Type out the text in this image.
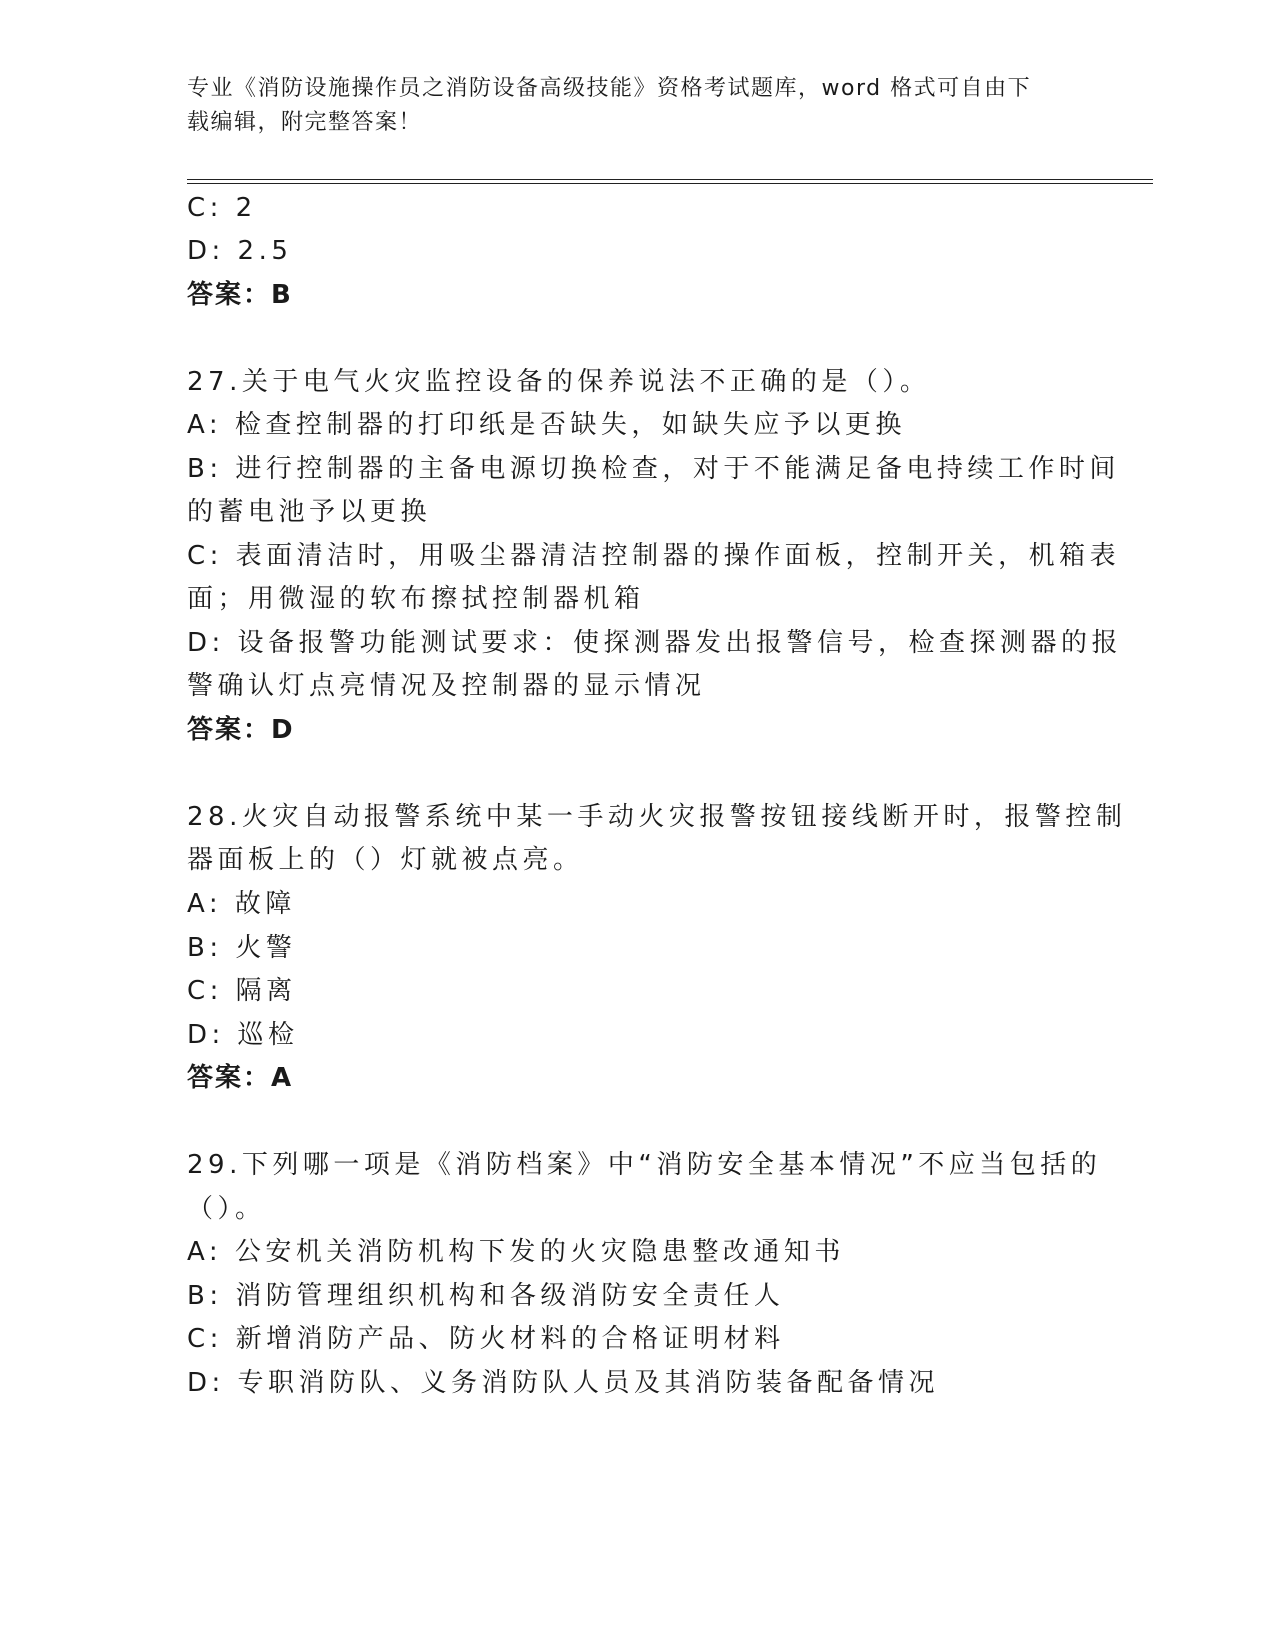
专业《消防设施操作员之消防设备高级技能》资格考试题库，word 格式可自由下
载编辑，附完整答案！
C: 2
D: 2.5
答案：B
27.关于电气火灾监控设备的保养说法不正确的是（）。
A: 检查控制器的打印纸是否缺失，如缺失应予以更换
B: 进行控制器的主备电源切换检查，对于不能满足备电持续工作时间
的蓄电池予以更换
C: 表面清洁时，用吸尘器清洁控制器的操作面板，控制开关，机箱表
面；用微湿的软布擦拭控制器机箱
D: 设备报警功能测试要求：使探测器发出报警信号，检查探测器的报
警确认灯点亮情况及控制器的显示情况
答案：D
28.火灾自动报警系统中某一手动火灾报警按钮接线断开时，报警控制
器面板上的（）灯就被点亮。
A: 故障
B: 火警
C: 隔离
D: 巡检
答案：A
29.下列哪一项是《消防档案》中“消防安全基本情况”不应当包括的
（）。
A: 公安机关消防机构下发的火灾隐患整改通知书
B: 消防管理组织机构和各级消防安全责任人
C: 新增消防产品、防火材料的合格证明材料
D: 专职消防队、义务消防队人员及其消防装备配备情况
